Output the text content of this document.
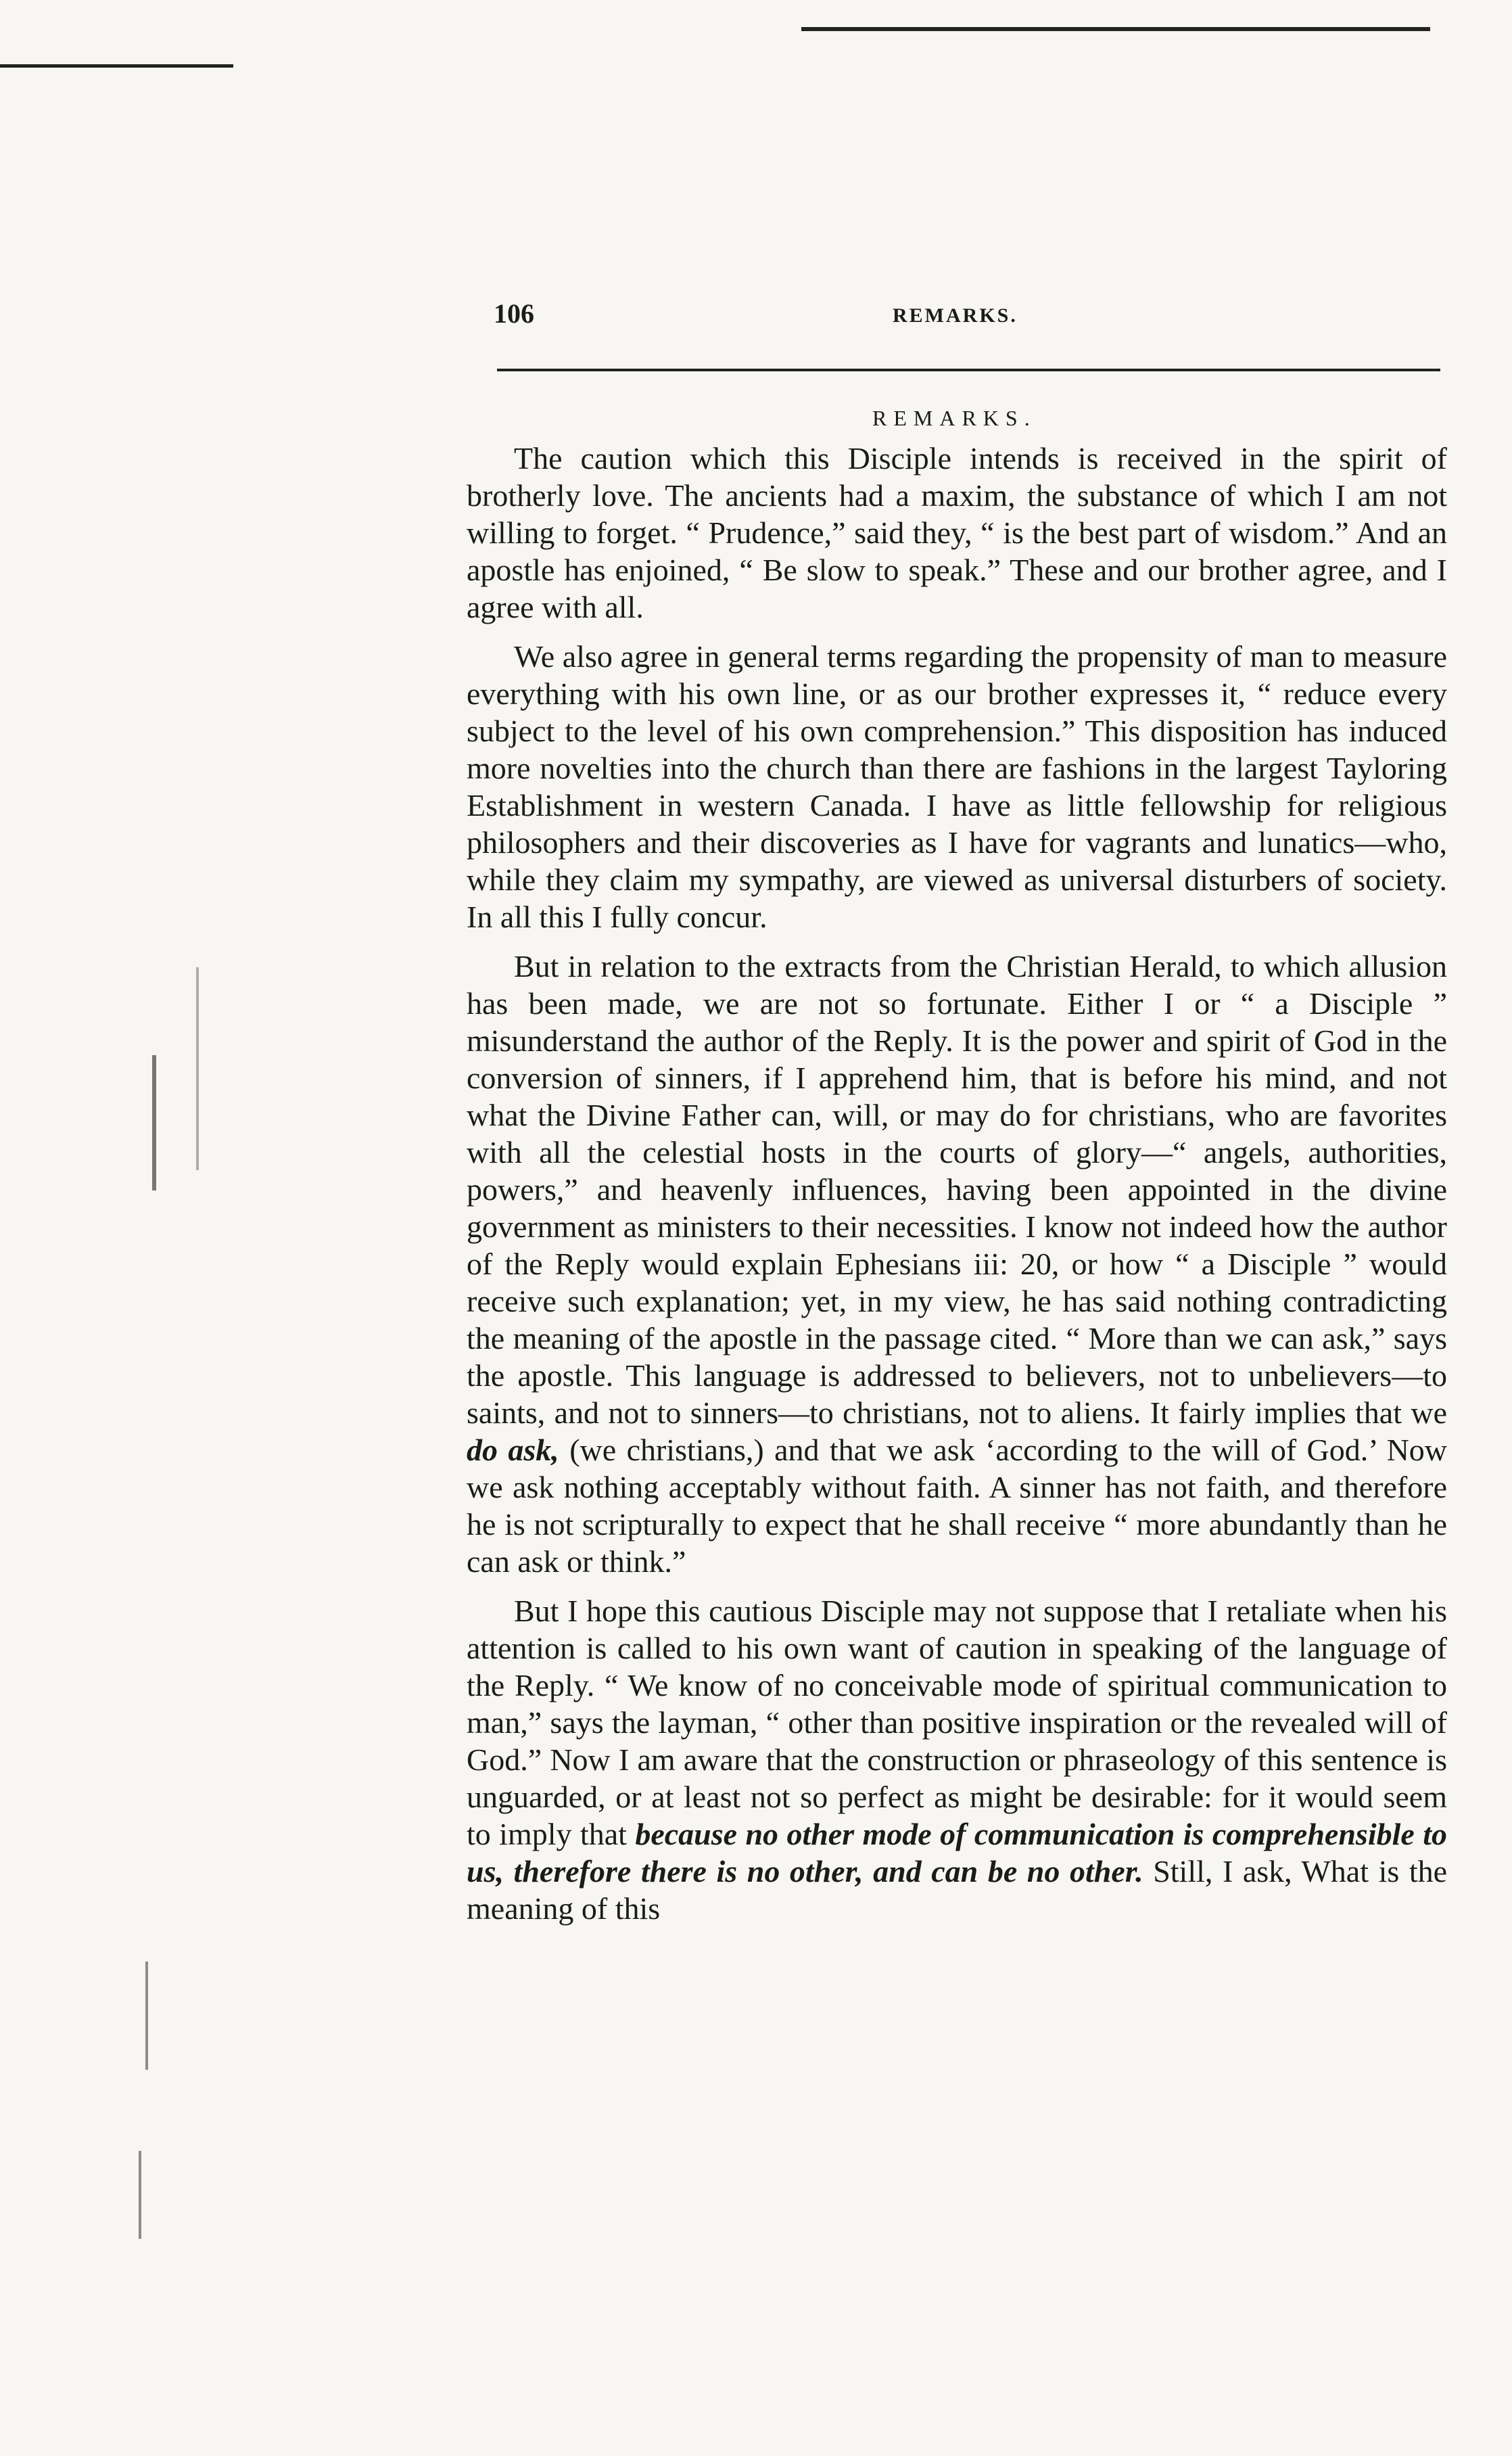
106	REMARKS.
REMARKS.

The caution which this Disciple intends is received in the spirit of brotherly love. The ancients had a maxim, the substance of which I am not willing to forget. “ Prudence,” said they, “ is the best part of wisdom.” And an apostle has enjoined, “ Be slow to speak.” These and our brother agree, and I agree with all.

We also agree in general terms regarding the propensity of man to measure everything with his own line, or as our brother expresses it, “ reduce every subject to the level of his own comprehension.” This disposition has induced more novelties into the church than there are fashions in the largest Tayloring Establishment in western Canada. I have as little fellowship for religious philosophers and their discoveries as I have for vagrants and lunatics—who, while they claim my sympathy, are viewed as universal disturbers of society. In all this I fully concur.

But in relation to the extracts from the Christian Herald, to which allusion has been made, we are not so fortunate. Either I or “ a Disciple ” misunderstand the author of the Reply. It is the power and spirit of God in the conversion of sinners, if I apprehend him, that is before his mind, and not what the Divine Father can, will, or may do for christians, who are favorites with all the celestial hosts in the courts of glory—“ angels, authorities, powers,” and heavenly influences, having been appointed in the divine government as ministers to their necessities. I know not indeed how the author of the Reply would explain Ephesians iii: 20, or how “ a Disciple ” would receive such explanation; yet, in my view, he has said nothing contradicting the meaning of the apostle in the passage cited. “ More than we can ask,” says the apostle. This language is addressed to believers, not to unbelievers—to saints, and not to sinners—to christians, not to aliens. It fairly implies that we do ask, (we christians,) and that we ask ‘according to the will of God.’ Now we ask nothing acceptably without faith. A sinner has not faith, and therefore he is not scripturally to expect that he shall receive “ more abundantly than he can ask or think.”

But I hope this cautious Disciple may not suppose that I retaliate when his attention is called to his own want of caution in speaking of the language of the Reply. “ We know of no conceivable mode of spiritual communication to man,” says the layman, “ other than positive inspiration or the revealed will of God.” Now I am aware that the construction or phraseology of this sentence is unguarded, or at least not so perfect as might be desirable: for it would seem to imply that because no other mode of communication is comprehensible to us, therefore there is no other, and can be no other. Still, I ask, What is the meaning of this
